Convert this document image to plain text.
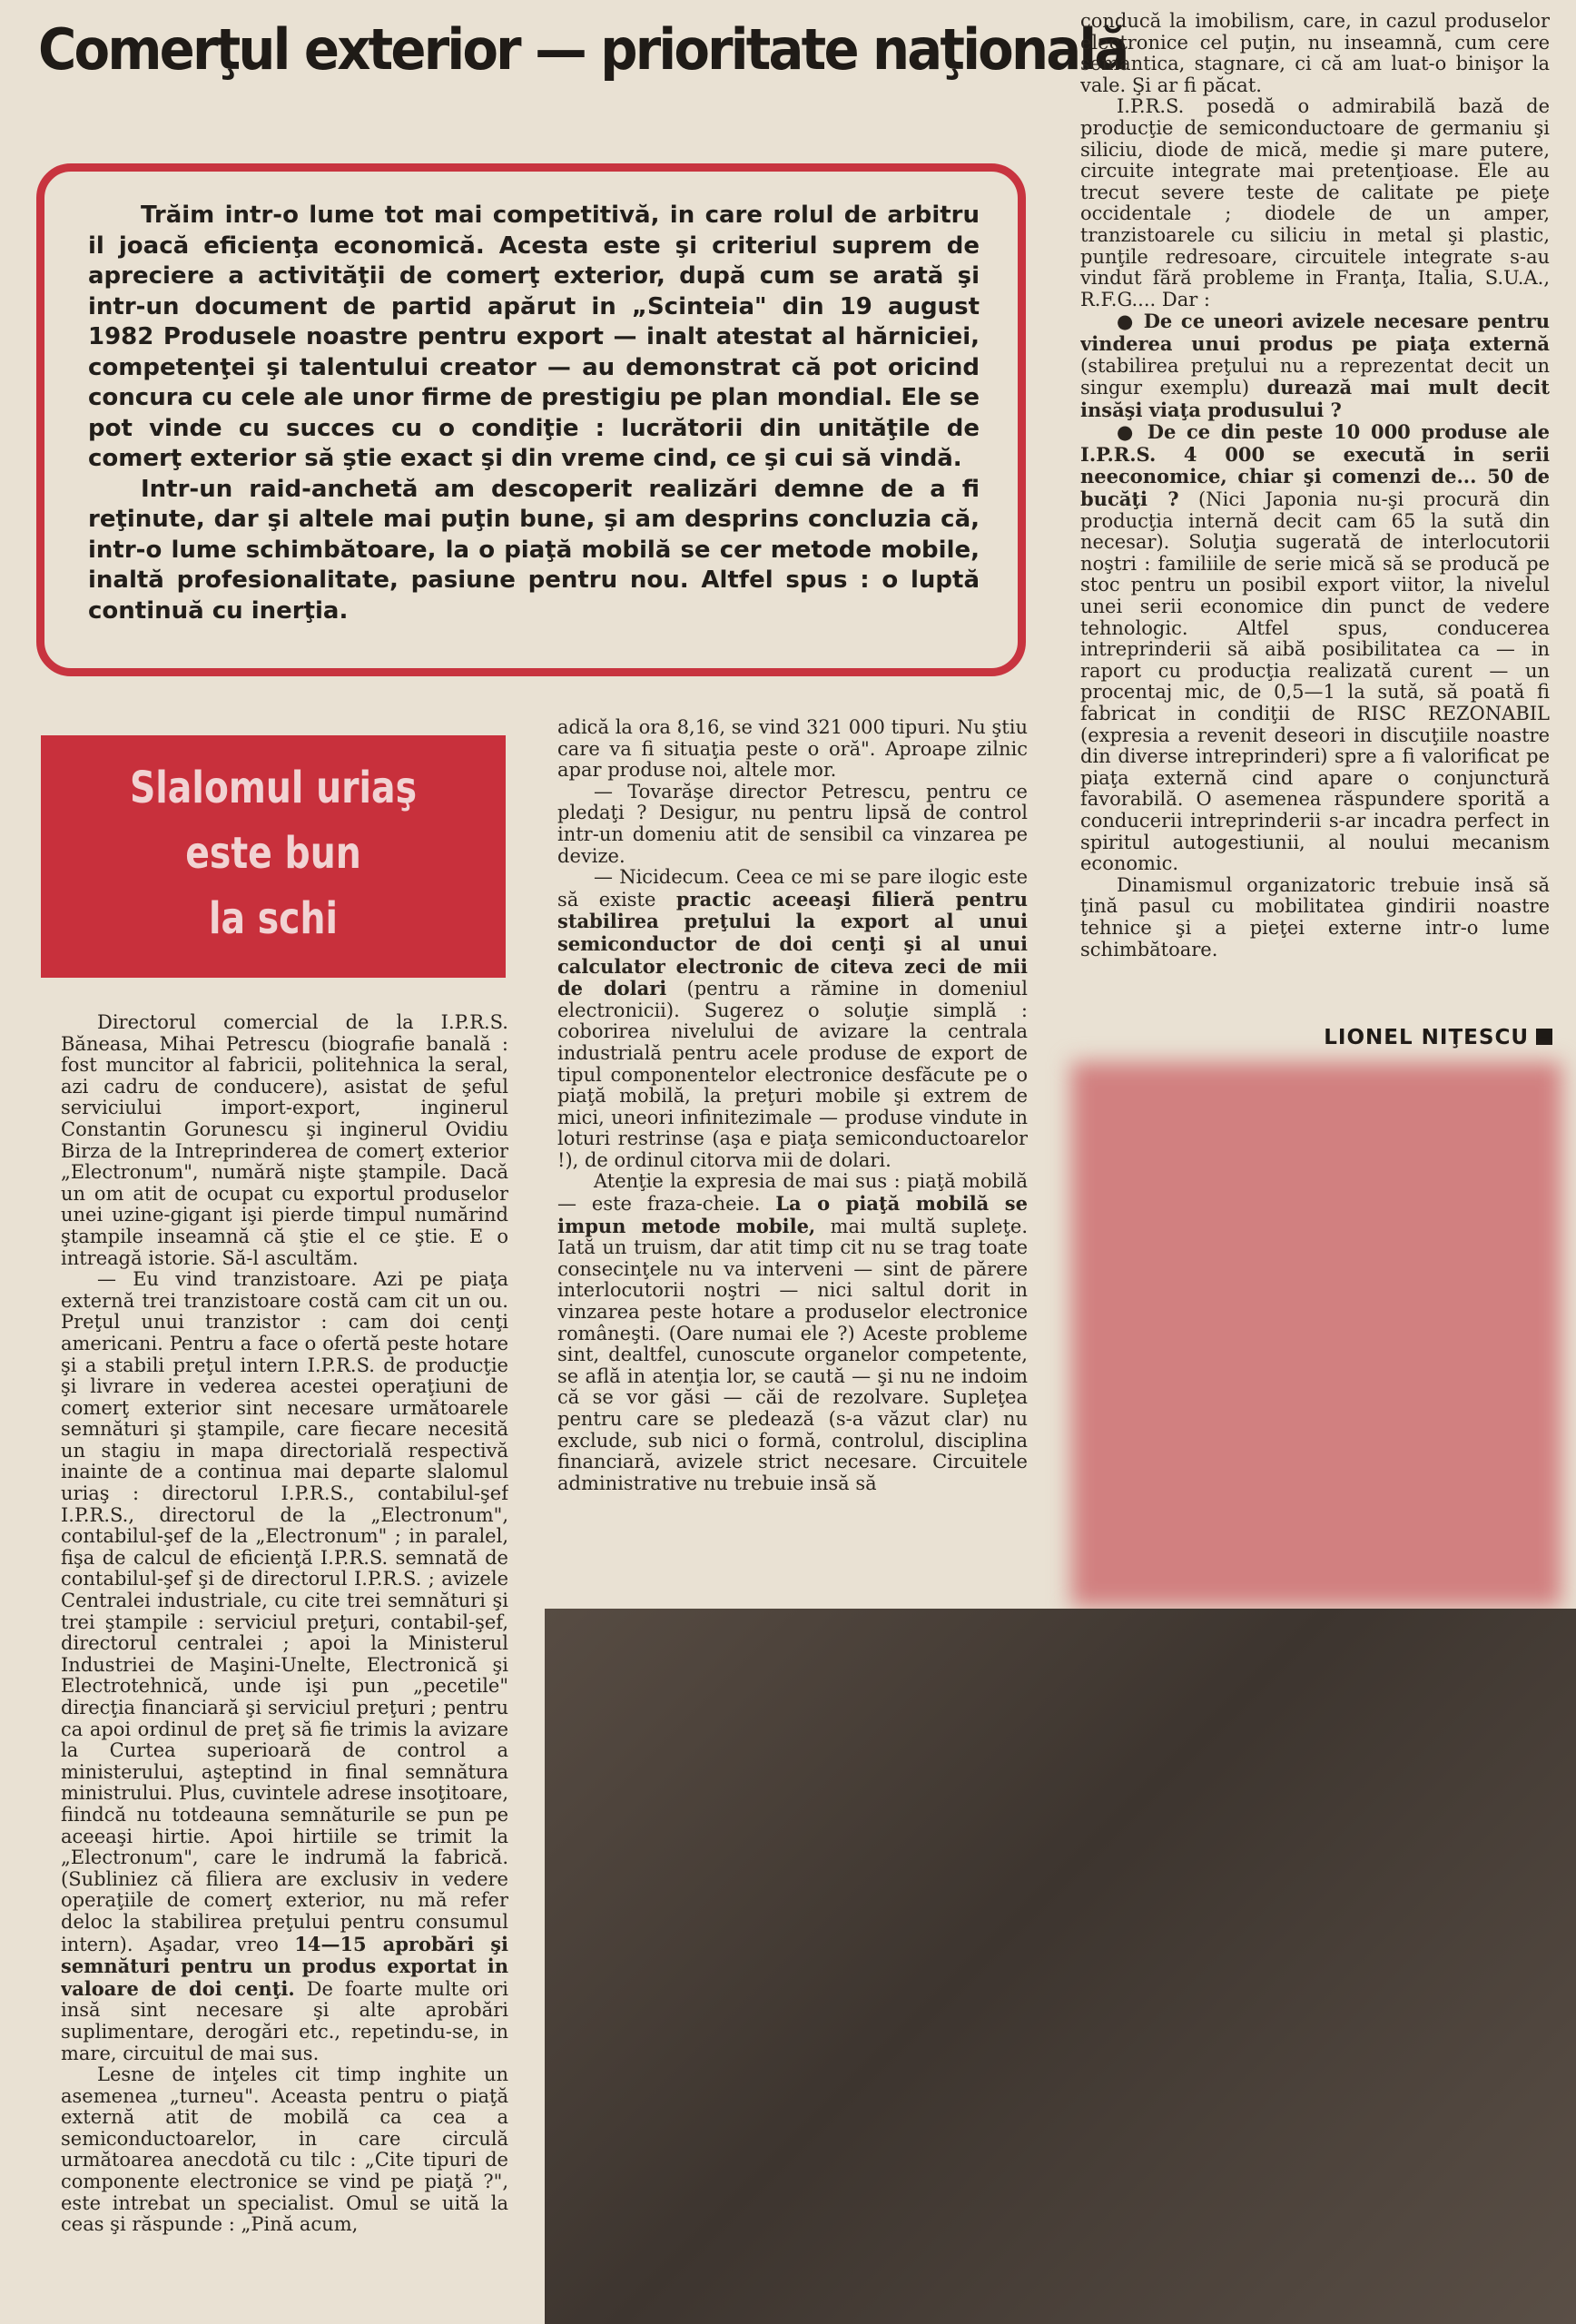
Comerţul exterior — prioritate naţională

Trăim intr-o lume tot mai competitivă, in care rolul de arbitru il joacă eficienţa economică. Acesta este şi criteriul suprem de apreciere a activităţii de comerţ exterior, după cum se arată şi intr-un document de partid apărut in „Scinteia" din 19 august 1982 Produsele noastre pentru export — inalt atestat al hărniciei, competenţei şi talentului creator — au demonstrat că pot oricind concura cu cele ale unor firme de prestigiu pe plan mondial. Ele se pot vinde cu succes cu o condiţie : lucrătorii din unităţile de comerţ exterior să ştie exact şi din vreme cind, ce şi cui să vindă.

Intr-un raid-anchetă am descoperit realizări demne de a fi reţinute, dar şi altele mai puţin bune, şi am desprins concluzia că, intr-o lume schimbătoare, la o piaţă mobilă se cer metode mobile, inaltă profesionalitate, pasiune pentru nou. Altfel spus : o luptă continuă cu inerţia.

Slalomul uriaş
este bun
la schi

Directorul comercial de la I.P.R.S. Băneasa, Mihai Petrescu (biografie banală : fost muncitor al fabricii, politehnica la seral, azi cadru de conducere), asistat de şeful serviciului import-export, inginerul Constantin Gorunescu şi inginerul Ovidiu Birza de la Intreprinderea de comerţ exterior „Electronum", numără nişte ştampile. Dacă un om atit de ocupat cu exportul produselor unei uzine-gigant işi pierde timpul numărind ştampile inseamnă că ştie el ce ştie. E o intreagă istorie. Să-l ascultăm.

— Eu vind tranzistoare. Azi pe piaţa externă trei tranzistoare costă cam cit un ou. Preţul unui tranzistor : cam doi cenţi americani. Pentru a face o ofertă peste hotare şi a stabili preţul intern I.P.R.S. de producţie şi livrare in vederea acestei operaţiuni de comerţ exterior sint necesare următoarele semnături şi ştampile, care fiecare necesită un stagiu in mapa directorială respectivă inainte de a continua mai departe slalomul uriaş : directorul I.P.R.S., contabilul-şef I.P.R.S., directorul de la „Electronum", contabilul-şef de la „Electronum" ; in paralel, fişa de calcul de eficienţă I.P.R.S. semnată de contabilul-şef şi de directorul I.P.R.S. ; avizele Centralei industriale, cu cite trei semnături şi trei ştampile : serviciul preţuri, contabil-şef, directorul centralei ; apoi la Ministerul Industriei de Maşini-Unelte, Electronică şi Electrotehnică, unde işi pun „pecetile" direcţia financiară şi serviciul preţuri ; pentru ca apoi ordinul de preţ să fie trimis la avizare la Curtea superioară de control a ministerului, aşteptind in final semnătura ministrului. Plus, cuvintele adrese insoţitoare, fiindcă nu totdeauna semnăturile se pun pe aceeaşi hirtie. Apoi hirtiile se trimit la „Electronum", care le indrumă la fabrică. (Subliniez că filiera are exclusiv in vedere operaţiile de comerţ exterior, nu mă refer deloc la stabilirea preţului pentru consumul intern). Aşadar, vreo 14—15 aprobări şi semnături pentru un produs exportat in valoare de doi cenţi. De foarte multe ori insă sint necesare şi alte aprobări suplimentare, derogări etc., repetindu-se, in mare, circuitul de mai sus.

Lesne de inţeles cit timp inghite un asemenea „turneu". Aceasta pentru o piaţă externă atit de mobilă ca cea a semiconductoarelor, in care circulă următoarea anecdotă cu tilc : „Cite tipuri de componente electronice se vind pe piaţă ?", este intrebat un specialist. Omul se uită la ceas şi răspunde : „Pină acum,

adică la ora 8,16, se vind 321 000 tipuri. Nu ştiu care va fi situaţia peste o oră". Aproape zilnic apar produse noi, altele mor.

— Tovarăşe director Petrescu, pentru ce pledaţi ? Desigur, nu pentru lipsă de control intr-un domeniu atit de sensibil ca vinzarea pe devize.

— Nicidecum. Ceea ce mi se pare ilogic este să existe practic aceeaşi filieră pentru stabilirea preţului la export al unui semiconductor de doi cenţi şi al unui calculator electronic de citeva zeci de mii de dolari (pentru a rămine in domeniul electronicii). Sugerez o soluţie simplă : coborirea nivelului de avizare la centrala industrială pentru acele produse de export de tipul componentelor electronice desfăcute pe o piaţă mobilă, la preţuri mobile şi extrem de mici, uneori infinitezimale — produse vindute in loturi restrinse (aşa e piaţa semiconductoarelor !), de ordinul citorva mii de dolari.

Atenţie la expresia de mai sus : piaţă mobilă — este fraza-cheie. La o piaţă mobilă se impun metode mobile, mai multă supleţe. Iată un truism, dar atit timp cit nu se trag toate consecinţele nu va interveni — sint de părere interlocutorii noştri — nici saltul dorit in vinzarea peste hotare a produselor electronice româneşti. (Oare numai ele ?) Aceste probleme sint, dealtfel, cunoscute organelor competente, se află in atenţia lor, se caută — şi nu ne indoim că se vor găsi — căi de rezolvare. Supleţea pentru care se pledează (s-a văzut clar) nu exclude, sub nici o formă, controlul, disciplina financiară, avizele strict necesare. Circuitele administrative nu trebuie insă să

conducă la imobilism, care, in cazul produselor electronice cel puţin, nu inseamnă, cum cere semantica, stagnare, ci că am luat-o binişor la vale. Şi ar fi păcat.

I.P.R.S. posedă o admirabilă bază de producţie de semiconductoare de germaniu şi siliciu, diode de mică, medie şi mare putere, circuite integrate mai pretenţioase. Ele au trecut severe teste de calitate pe pieţe occidentale ; diodele de un amper, tranzistoarele cu siliciu in metal şi plastic, punţile redresoare, circuitele integrate s-au vindut fără probleme in Franţa, Italia, S.U.A., R.F.G.... Dar :

● De ce uneori avizele necesare pentru vinderea unui produs pe piaţa externă (stabilirea preţului nu a reprezentat decit un singur exemplu) durează mai mult decit insăşi viaţa produsului ?

● De ce din peste 10 000 produse ale I.P.R.S. 4 000 se execută in serii neeconomice, chiar şi comenzi de... 50 de bucăţi ? (Nici Japonia nu-şi procură din producţia internă decit cam 65 la sută din necesar). Soluţia sugerată de interlocutorii noştri : familiile de serie mică să se producă pe stoc pentru un posibil export viitor, la nivelul unei serii economice din punct de vedere tehnologic. Altfel spus, conducerea intreprinderii să aibă posibilitatea ca — in raport cu producţia realizată curent — un procentaj mic, de 0,5—1 la sută, să poată fi fabricat in condiţii de RISC REZONABIL (expresia a revenit deseori in discuţiile noastre din diverse intreprinderi) spre a fi valorificat pe piaţa externă cind apare o conjunctură favorabilă. O asemenea răspundere sporită a conducerii intreprinderii s-ar incadra perfect in spiritul autogestiunii, al noului mecanism economic.

Dinamismul organizatoric trebuie insă să ţină pasul cu mobilitatea gindirii noastre tehnice şi a pieţei externe intr-o lume schimbătoare.

LIONEL NIŢESCU
